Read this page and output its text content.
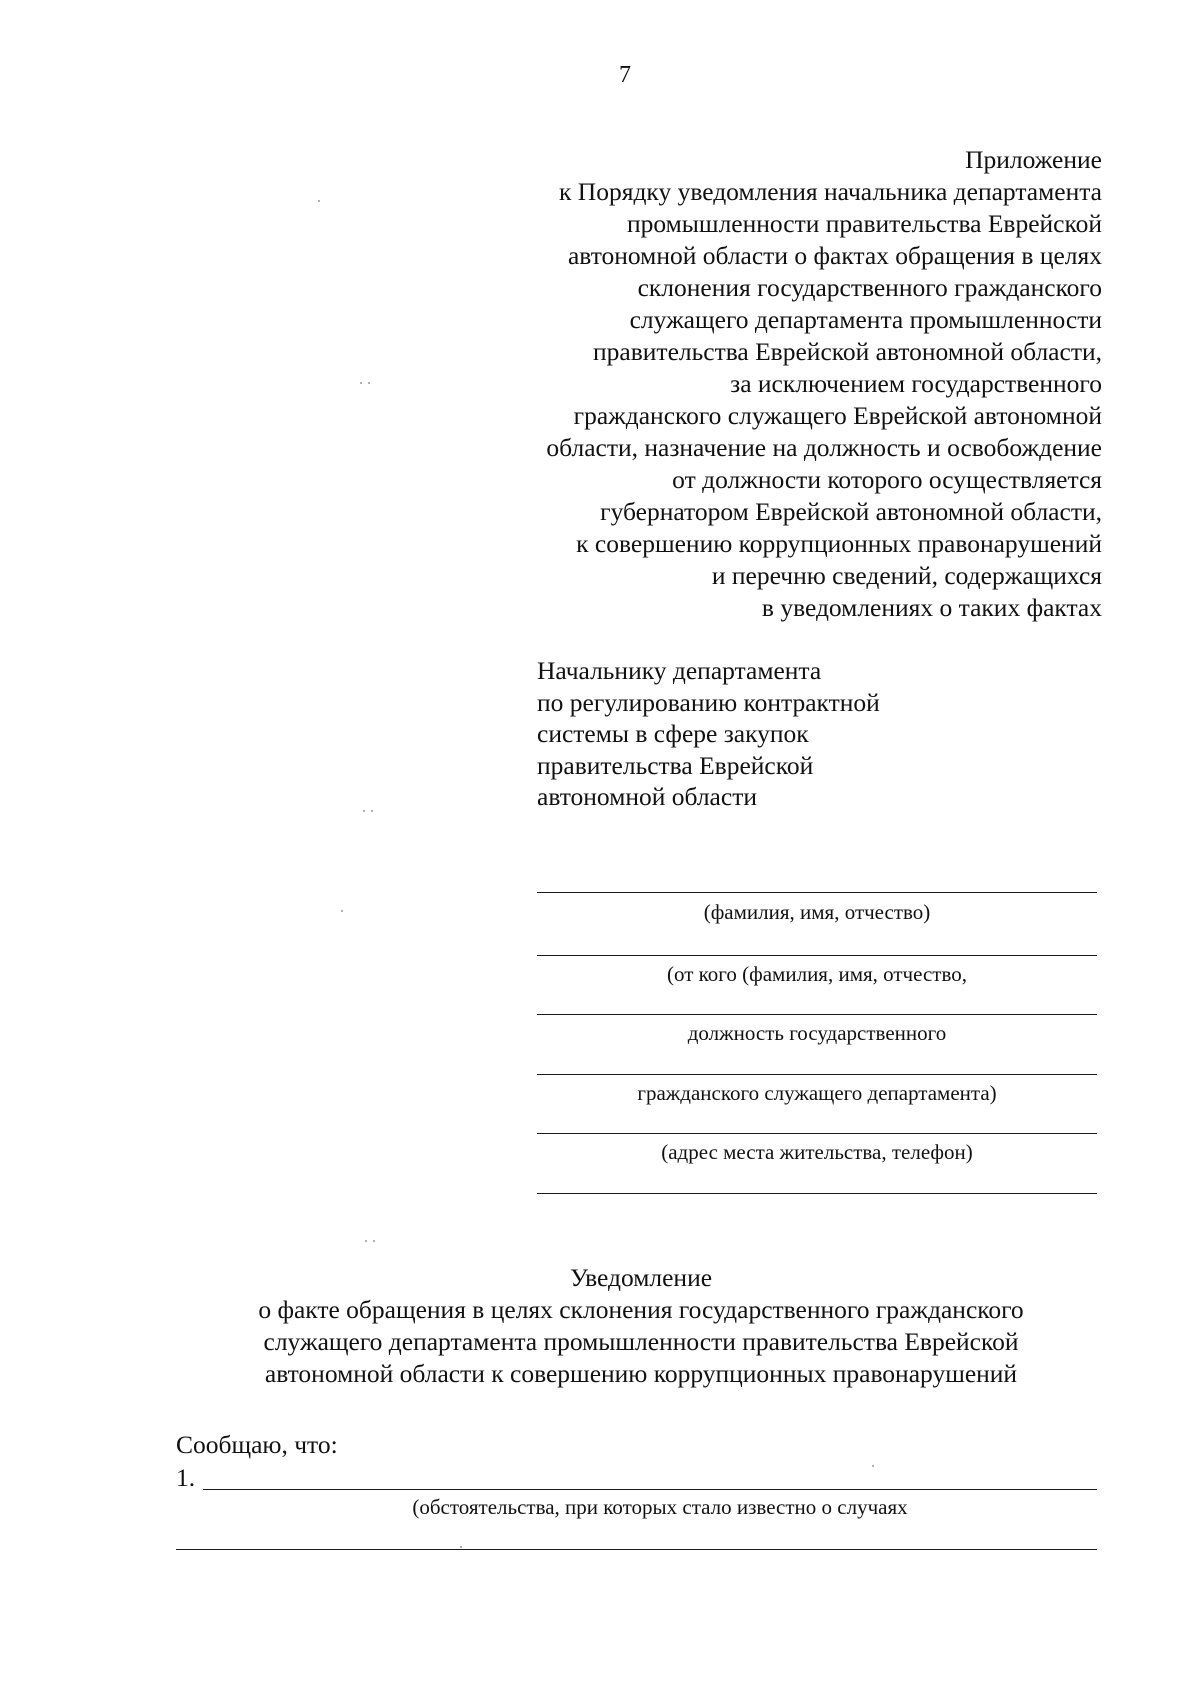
7
Приложение
к Порядку уведомления начальника департамента
промышленности правительства Еврейской
автономной области о фактах обращения в целях
склонения государственного гражданского
служащего департамента промышленности
правительства Еврейской автономной области,
за исключением государственного
гражданского служащего Еврейской автономной
области, назначение на должность и освобождение
от должности которого осуществляется
губернатором Еврейской автономной области,
к совершению коррупционных правонарушений
и перечню сведений, содержащихся
в уведомлениях о таких фактах
Начальнику департамента
по регулированию контрактной
системы в сфере закупок
правительства Еврейской
автономной области
(фамилия, имя, отчество)
(от кого (фамилия, имя, отчество,
должность государственного
гражданского служащего департамента)
(адрес места жительства, телефон)
Уведомление
о факте обращения в целях склонения государственного гражданского
служащего департамента промышленности правительства Еврейской
автономной области к совершению коррупционных правонарушений
Сообщаю, что:
1.
(обстоятельства, при которых стало известно о случаях
